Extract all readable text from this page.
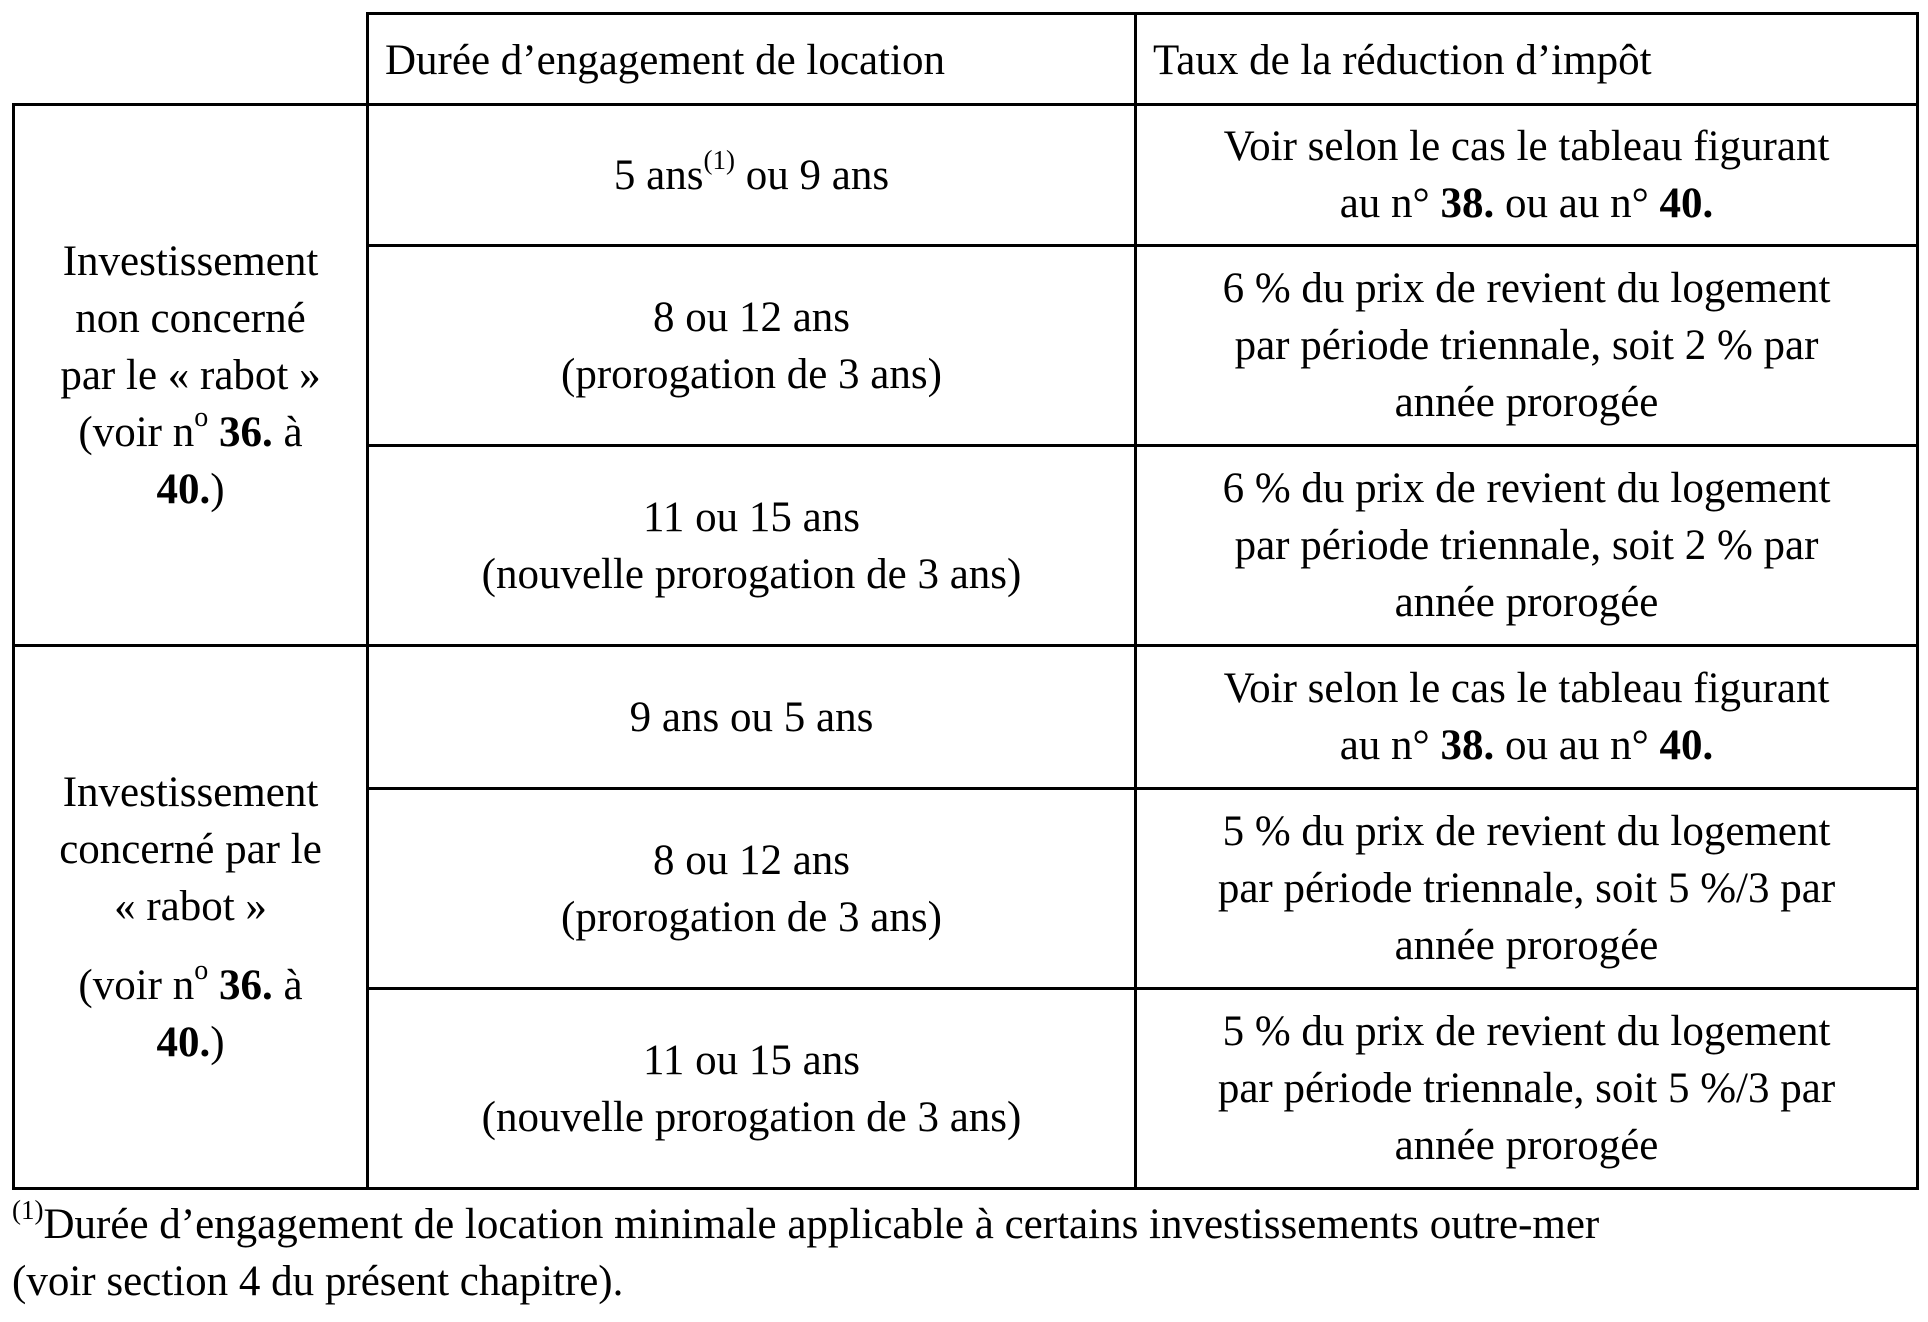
	Durée d’engagement de location	Taux de la réduction d’impôt

Investissement
non concerné
par le « rabot »
(voir $n^o$ 36. à
40.)	5 ans$^{(1)}$ ou 9 ans	Voir selon le cas le tableau figurant
au n° 38. ou au n° 40.

	8 ou 12 ans
(prorogation de 3 ans)	6 % du prix de revient du logement
par période triennale, soit 2 % par
année prorogée

	11 ou 15 ans
(nouvelle prorogation de 3 ans)	6 % du prix de revient du logement
par période triennale, soit 2 % par
année prorogée

Investissement
concerné par le
« rabot »
(voir $n^o$ 36. à
40.)	9 ans ou 5 ans	Voir selon le cas le tableau figurant
au n° 38. ou au n° 40.

	8 ou 12 ans
(prorogation de 3 ans)	5 % du prix de revient du logement
par période triennale, soit 5 %/3 par
année prorogée

	11 ou 15 ans
(nouvelle prorogation de 3 ans)	5 % du prix de revient du logement
par période triennale, soit 5 %/3 par
année prorogée
$^{(1)}$Durée d’engagement de location minimale applicable à certains investissements outre-mer
(voir section 4 du présent chapitre).
